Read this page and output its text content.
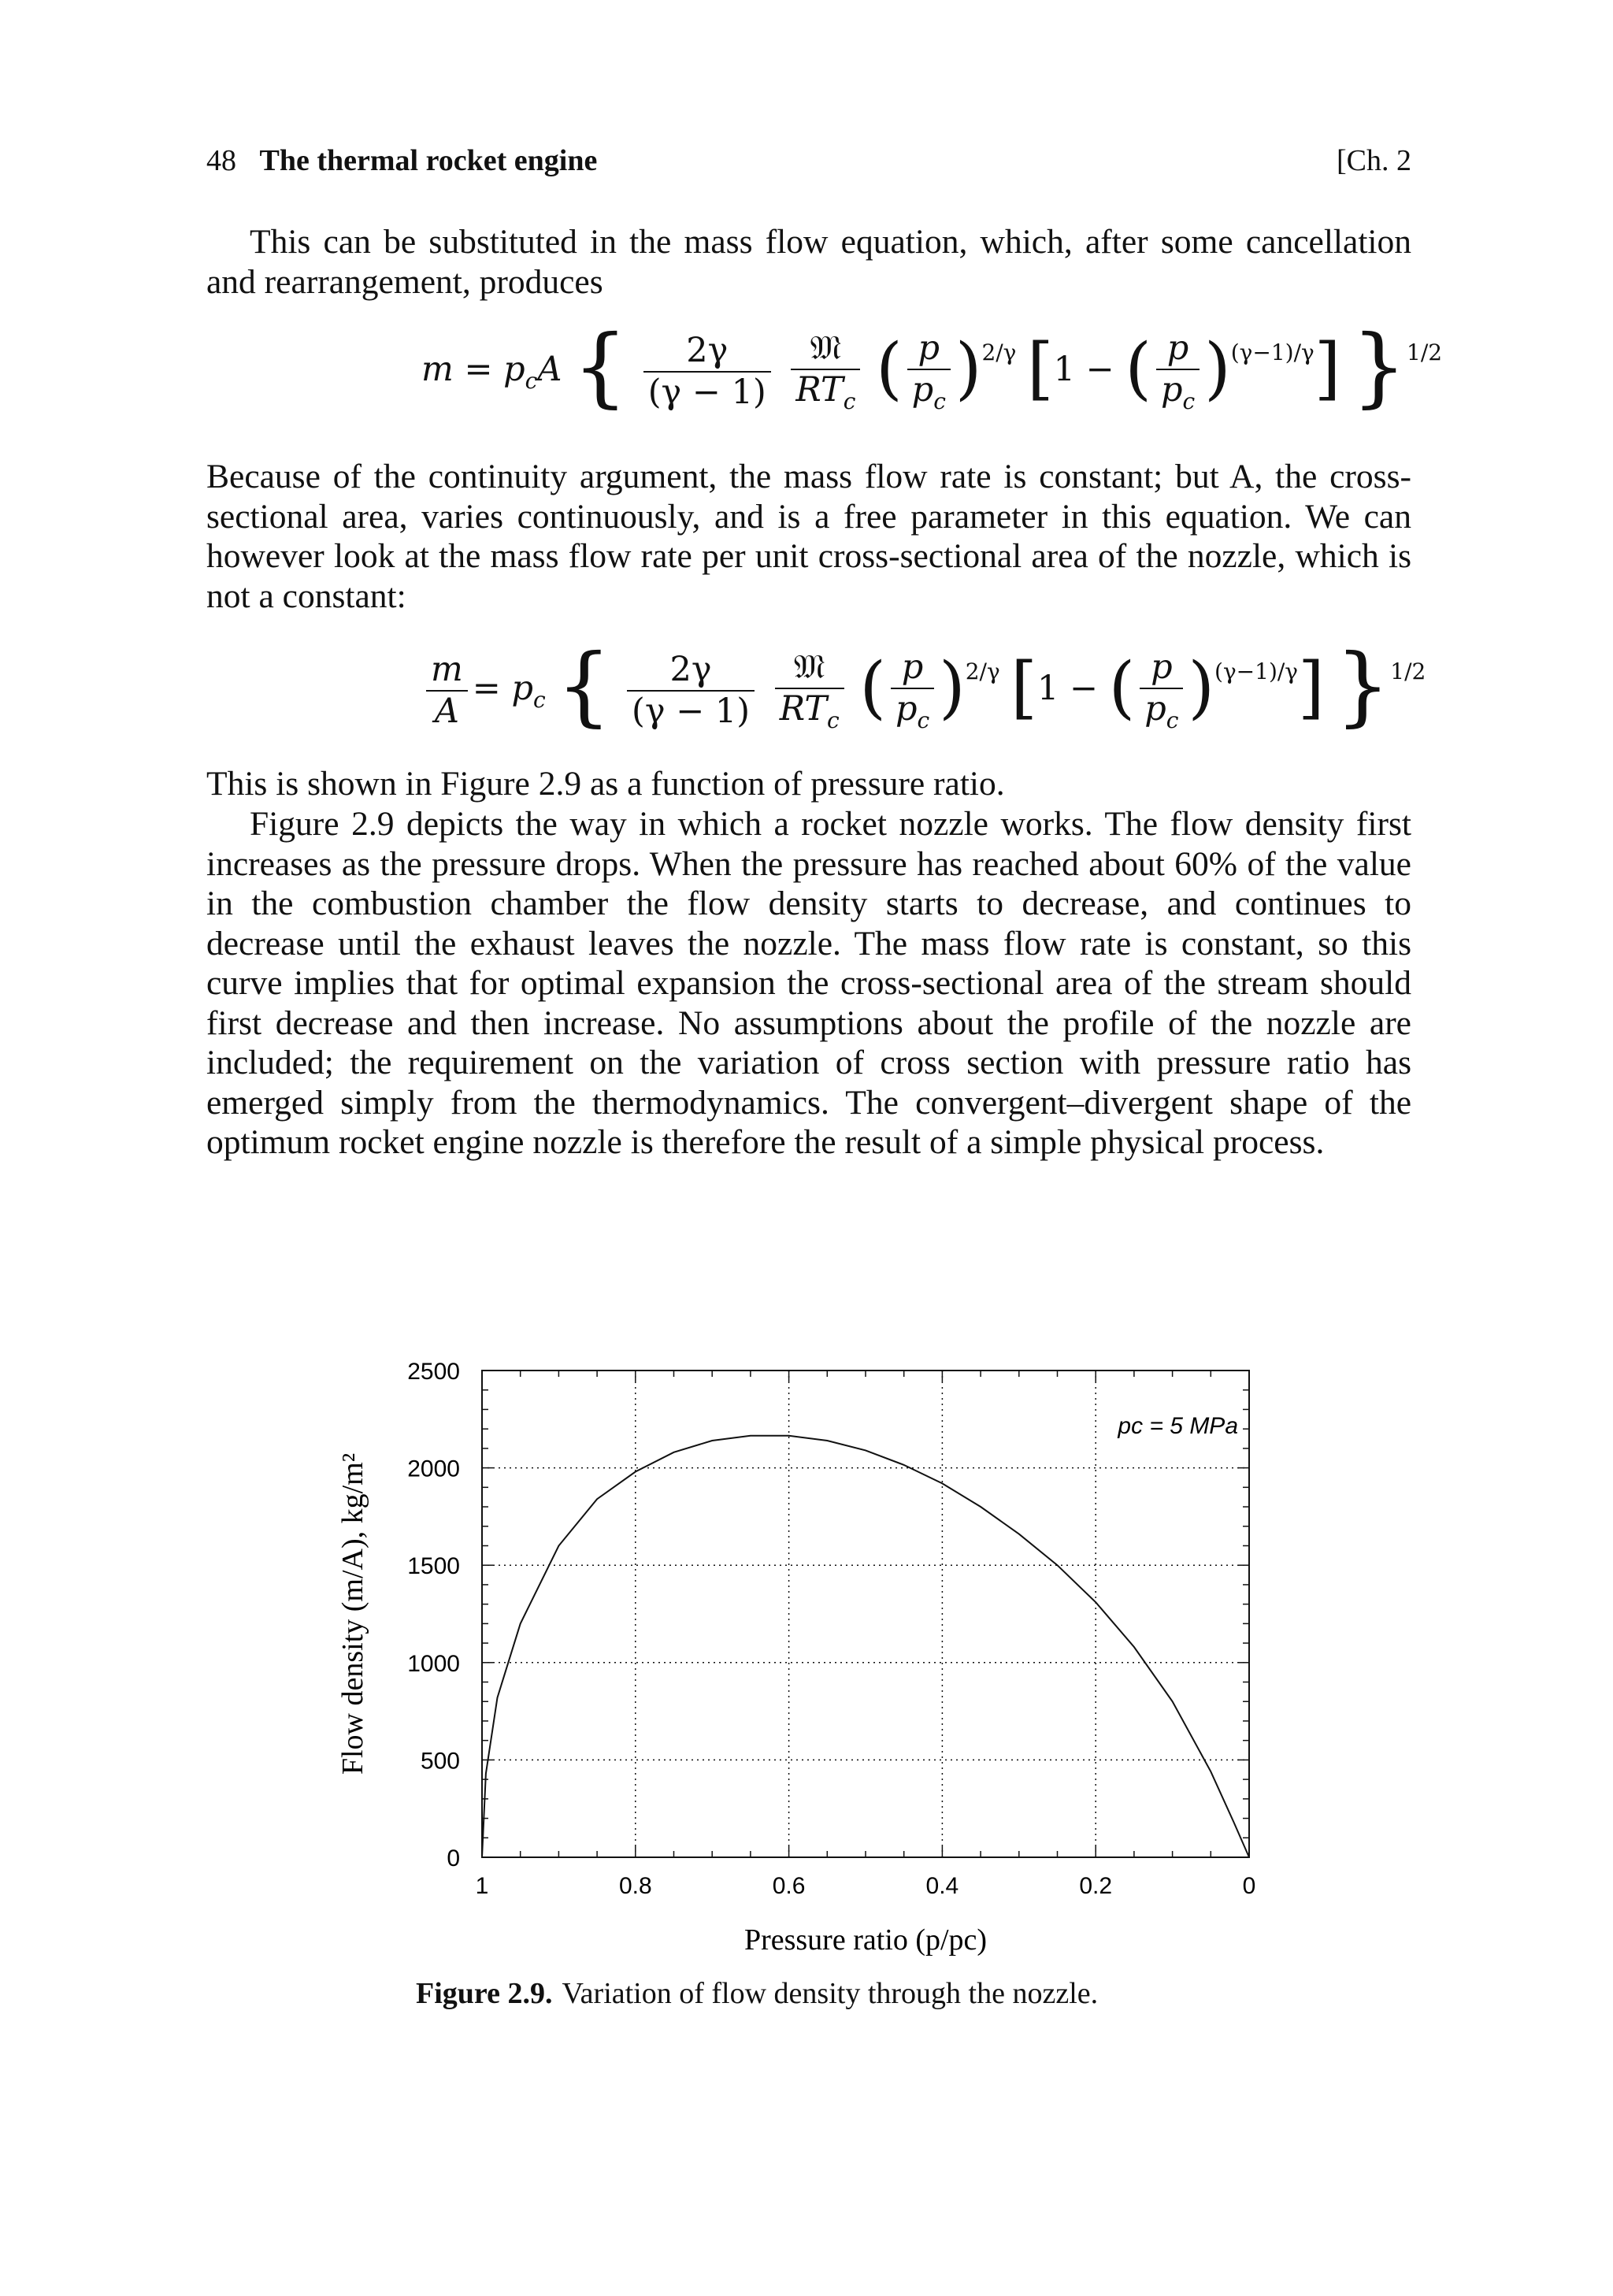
48 The thermal rocket engine	[Ch. 2

This can be substituted in the mass flow equation, which, after some cancellation and rearrangement, produces

$m = p_cA$ { $\frac{2\gamma}{(\gamma - 1)}$
$\frac{\text{𝔐}}{RT_c}$ ( $\frac{p}{p_c} )^{2/\gamma}$ [1 − ( $\frac{p}{p_c} )^{(\gamma-1)/\gamma}$] }$^{1/2}$

Because of the continuity argument, the mass flow rate is constant; but A, the cross-sectional area, varies continuously, and is a free parameter in this equation. We can however look at the mass flow rate per unit cross-sectional area of the nozzle, which is not a constant:

$\frac{m}{A} = p_c$ { $\frac{2\gamma}{(\gamma - 1)}$
$\frac{\text{𝔐}}{RT_c}$ ( $\frac{p}{p_c} )^{2/\gamma}$ [1 − ( $\frac{p}{p_c} )^{(\gamma-1)/\gamma}$] }$^{1/2}$

This is shown in Figure 2.9 as a function of pressure ratio.

Figure 2.9 depicts the way in which a rocket nozzle works. The flow density first increases as the pressure drops. When the pressure has reached about 60% of the value in the combustion chamber the flow density starts to decrease, and continues to decrease until the exhaust leaves the nozzle. The mass flow rate is constant, so this curve implies that for optimal expansion the cross-sectional area of the stream should first decrease and then increase. No assumptions about the profile of the nozzle are included; the requirement on the variation of cross section with pressure ratio has emerged simply from the thermodynamics. The convergent–divergent shape of the optimum rocket engine nozzle is therefore the result of a simple physical process.

1	0.8	0.6	0.4	0.2	0
0
500
1000
1500
2000
2500
pc = 5 MPa
Pressure ratio (p/pc)
Flow density (m/A), kg/m²
Figure 2.9. Variation of flow density through the nozzle.
